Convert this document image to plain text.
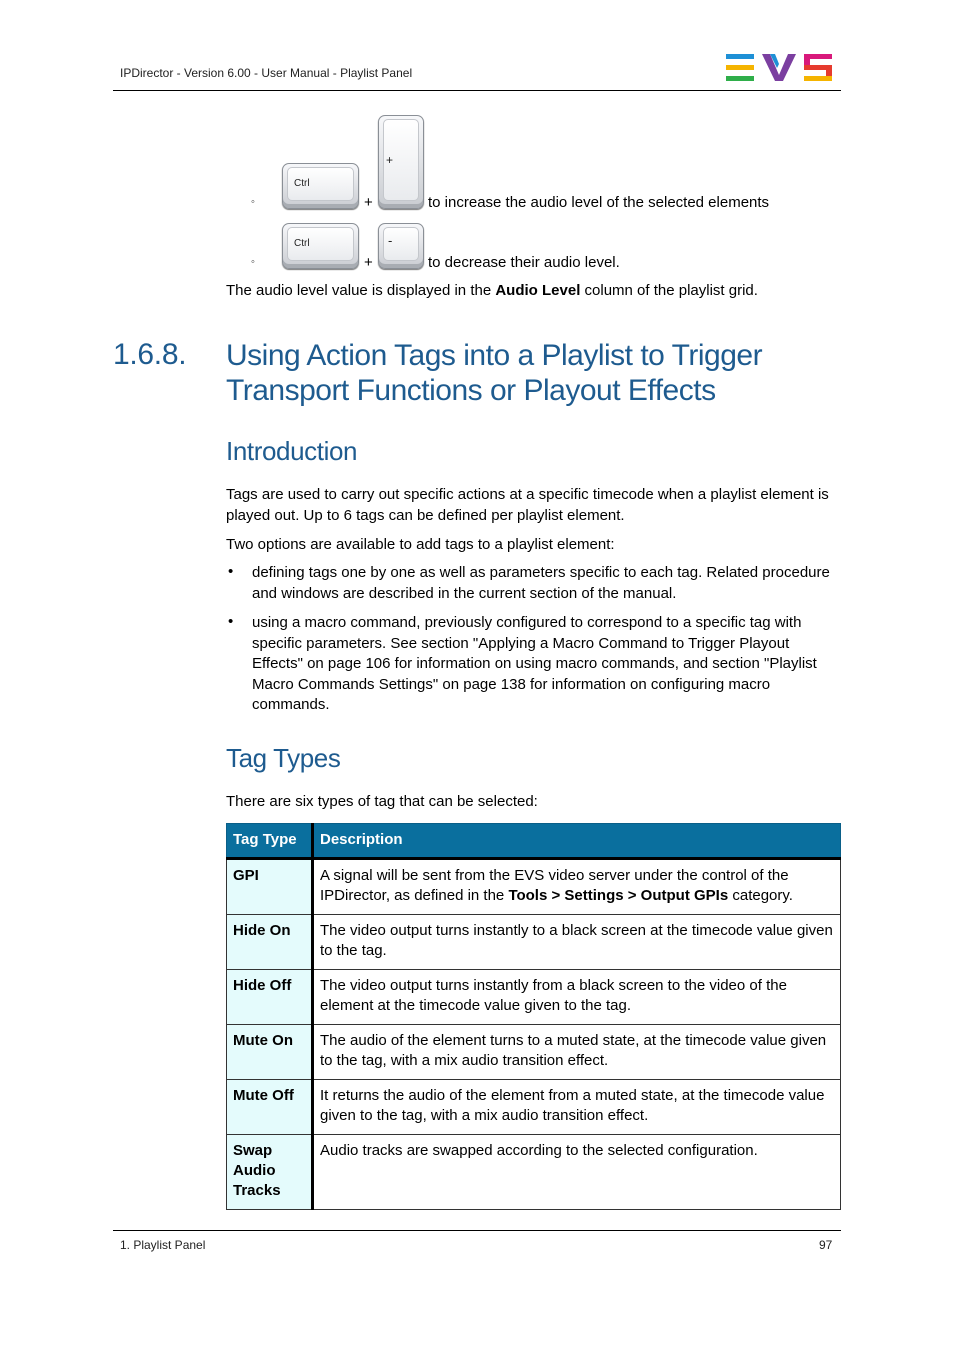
IPDirector - Version 6.00 - User Manual - Playlist Panel
◦
Ctrl
+
+
to increase the audio level of the selected elements
◦
Ctrl
+
-
to decrease their audio level.
The audio level value is displayed in the Audio Level column of the playlist grid.
1.6.8. Using Action Tags into a Playlist to Trigger Transport Functions or Playout Effects
Introduction
Tags are used to carry out specific actions at a specific timecode when a playlist element is played out. Up to 6 tags can be defined per playlist element.
Two options are available to add tags to a playlist element:
• defining tags one by one as well as parameters specific to each tag. Related procedure and windows are described in the current section of the manual.
• using a macro command, previously configured to correspond to a specific tag with specific parameters. See section "Applying a Macro Command to Trigger Playout Effects" on page 106 for information on using macro commands, and section "Playlist Macro Commands Settings" on page 138 for information on configuring macro commands.
Tag Types
There are six types of tag that can be selected:
Tag Type	Description
GPI	A signal will be sent from the EVS video server under the control of the IPDirector, as defined in the Tools > Settings > Output GPIs category.
Hide On	The video output turns instantly to a black screen at the timecode value given to the tag.
Hide Off	The video output turns instantly from a black screen to the video of the element at the timecode value given to the tag.
Mute On	The audio of the element turns to a muted state, at the timecode value given to the tag, with a mix audio transition effect.
Mute Off	It returns the audio of the element from a muted state, at the timecode value given to the tag, with a mix audio transition effect.
Swap Audio Tracks	Audio tracks are swapped according to the selected configuration.
1. Playlist Panel	97
